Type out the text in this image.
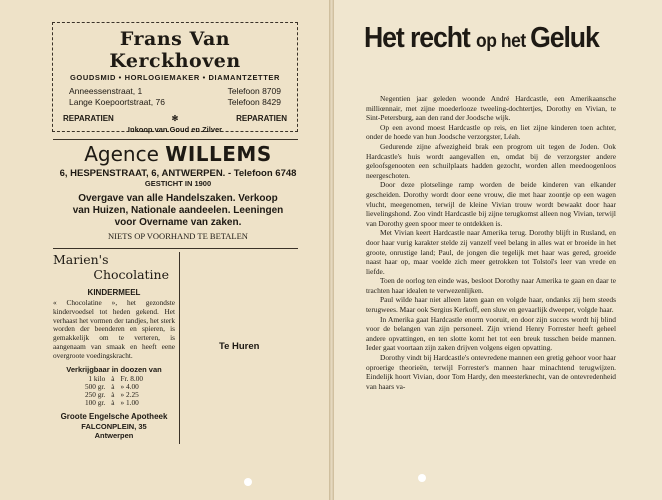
Frans Van Kerckhoven
GOUDSMID • HORLOGIEMAKER • DIAMANTZETTER
Anneessenstraat, 1	Telefoon 8709
Lange Koepoortstraat, 76	Telefoon 8429
REPARATIEN	✻	REPARATIEN
Inkoop van Goud en Zilver
Agence WILLEMS
6, HESPENSTRAAT, 6, ANTWERPEN. - Telefoon 6748
GESTICHT IN 1900
Overgave van alle Handelszaken. Verkoop
van Huizen, Nationale aandeelen. Leeningen
voor Overname van zaken.
NIETS OP VOORHAND TE BETALEN
Marien's
Chocolatine
KINDERMEEL
« Chocolatine », het gezondste kindervoedsel tot heden gekend. Het verhaast het vormen der tandjes, het sterk worden der beenderen en spieren, is gemakkelijk om te verteren, is aangenaam van smaak en heeft eene overgroote voedingskracht.
Verkrijgbaar in doozen van
1 kilo	à	Fr. 8.00
500 gr.	à	» 4.00
250 gr.	à	» 2.25
100 gr.	à	» 1.00
Groote Engelsche Apotheek
FALCONPLEIN, 35
Antwerpen
Te Huren
Het recht op het Geluk

Negentien jaar geleden woonde André Hardcastle, een Amerikaansche milliœnnair, met zijne moederlooze tweeling-dochtertjes, Dorothy en Vivian, te Sint-Petersburg, aan den rand der Joodsche wijk.

Op een avond moest Hardcastle op reis, en liet zijne kinderen toen achter, onder de hoede van hun Joodsche verzorgster, Léah.

Gedurende zijne afwezigheid brak een progrom uit tegen de Joden. Ook Hardcastle's huis wordt aangevallen en, omdat bij de verzorgster andere geloofsgenooten een schuilplaats hadden gezocht, worden allen meedoogenloos neergeschoten.

Door deze plotselinge ramp worden de beide kinderen van elkander gescheiden. Dorothy wordt door eene vrouw, die met haar zoontje op een wagen vlucht, meegenomen, terwijl de kleine Vivian trouw wordt bewaakt door haar lievelingshond. Zoo vindt Hardcastle bij zijne terugkomst alleen nog Vivian, terwijl van Dorothy geen spoor meer te ontdekken is.

Met Vivian keert Hardcastle naar Amerika terug. Dorothy blijft in Rusland, en door haar vurig karakter stelde zij vanzelf veel belang in alles wat er broeide in het groote, onrustige land; Paul, de jongen die tegelijk met haar was gered, groeide naast haar op, maar voelde zich meer getrokken tot Tolstoï's leer van vrede en liefde.

Toen de oorlog ten einde was, besloot Dorothy naar Amerika te gaan en daar te trachten haar idealen te verwezenlijken.

Paul wilde haar niet alleen laten gaan en volgde haar, ondanks zij hem steeds terugwees. Maar ook Sergius Kerkoff, een sluw en gevaarlijk dweeper, volgde haar.

In Amerika gaat Hardcastle enorm vooruit, en door zijn succes wordt hij blind voor de belangen van zijn personeel. Zijn vriend Henry Forrester heeft geheel andere opvattingen, en ten slotte komt het tot een breuk tusschen beide mannen. Ieder gaat voortaan zijn zaken drijven volgens eigen opvatting.

Dorothy vindt bij Hardcastle's ontevredene mannen een gretig gehoor voor haar oproerige theorieën, terwijl Forrester's mannen haar minachtend terugwijzen. Eindelijk hoort Vivian, door Tom Hardy, den meesterknecht, van de ontevredenheid van haars va-
